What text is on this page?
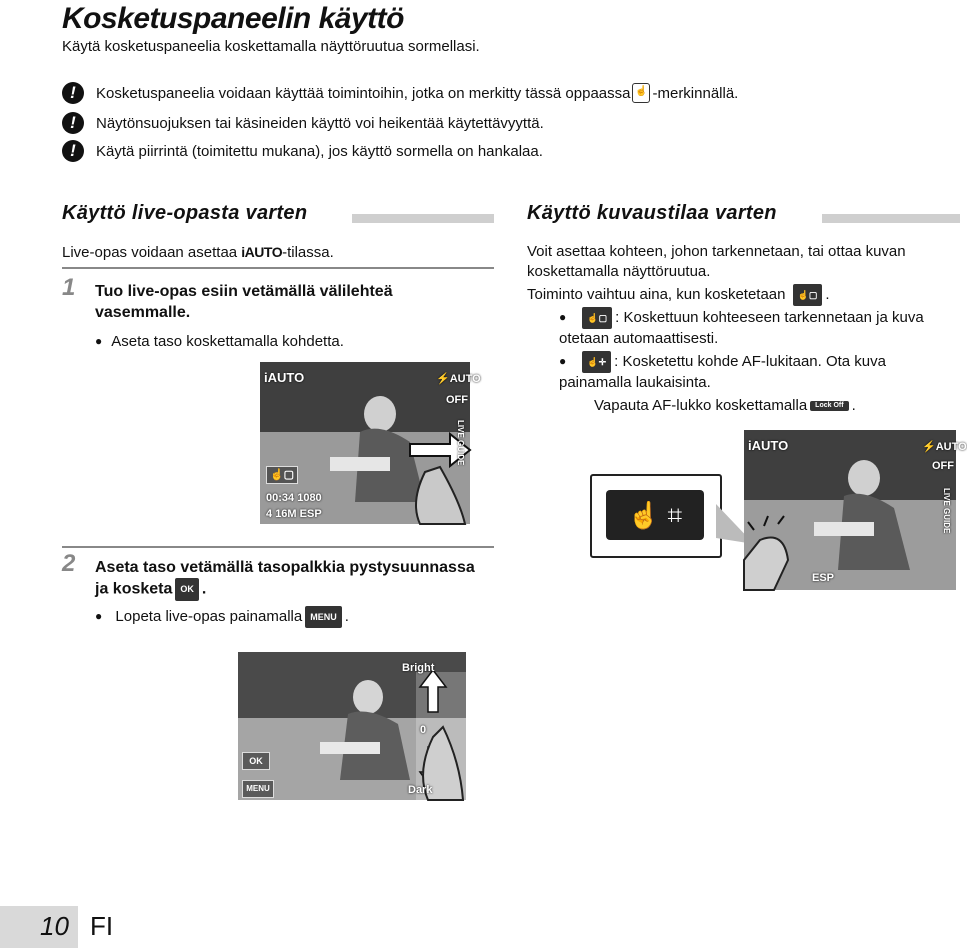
Kosketuspaneelin käyttö
Käytä kosketuspaneelia koskettamalla näyttöruutua sormellasi.
!	Kosketuspaneelia voidaan käyttää toimintoihin, jotka on merkitty tässä oppaassa ☝ -merkinnällä.
!	Näytönsuojuksen tai käsineiden käyttö voi heikentää käytettävyyttä.
!	Käytä piirrintä (toimitettu mukana), jos käyttö sormella on hankalaa.
Käyttö live-opasta varten
Live-opas voidaan asettaa iAUTO-tilassa.
1 Tuo live-opas esiin vetämällä välilehteä vasemmalle.
● Aseta taso koskettamalla kohdetta.
iAUTO	⚡AUTO
OFF
LIVE GUIDE
☝▢
00:34 1080
4 16M ESP
2 Aseta taso vetämällä tasopalkkia pystysuunnassa ja kosketa OK .
● Lopeta live-opas painamalla MENU .
Bright
0
Dark
OK
MENU
Käyttö kuvaustilaa varten
Voit asettaa kohteen, johon tarkennetaan, tai ottaa kuvan koskettamalla näyttöruutua.
Toiminto vaihtuu aina, kun kosketetaan ☝▢ .
● ☝▢ : Koskettuun kohteeseen tarkennetaan ja kuva otetaan automaattisesti.
● ☝✛ : Kosketettu kohde AF-lukitaan. Ota kuva painamalla laukaisinta.
Vapauta AF-lukko koskettamalla Lock Off .
☝ ⌗
iAUTO	⚡AUTO
OFF
LIVE GUIDE
ESP
10 FI
